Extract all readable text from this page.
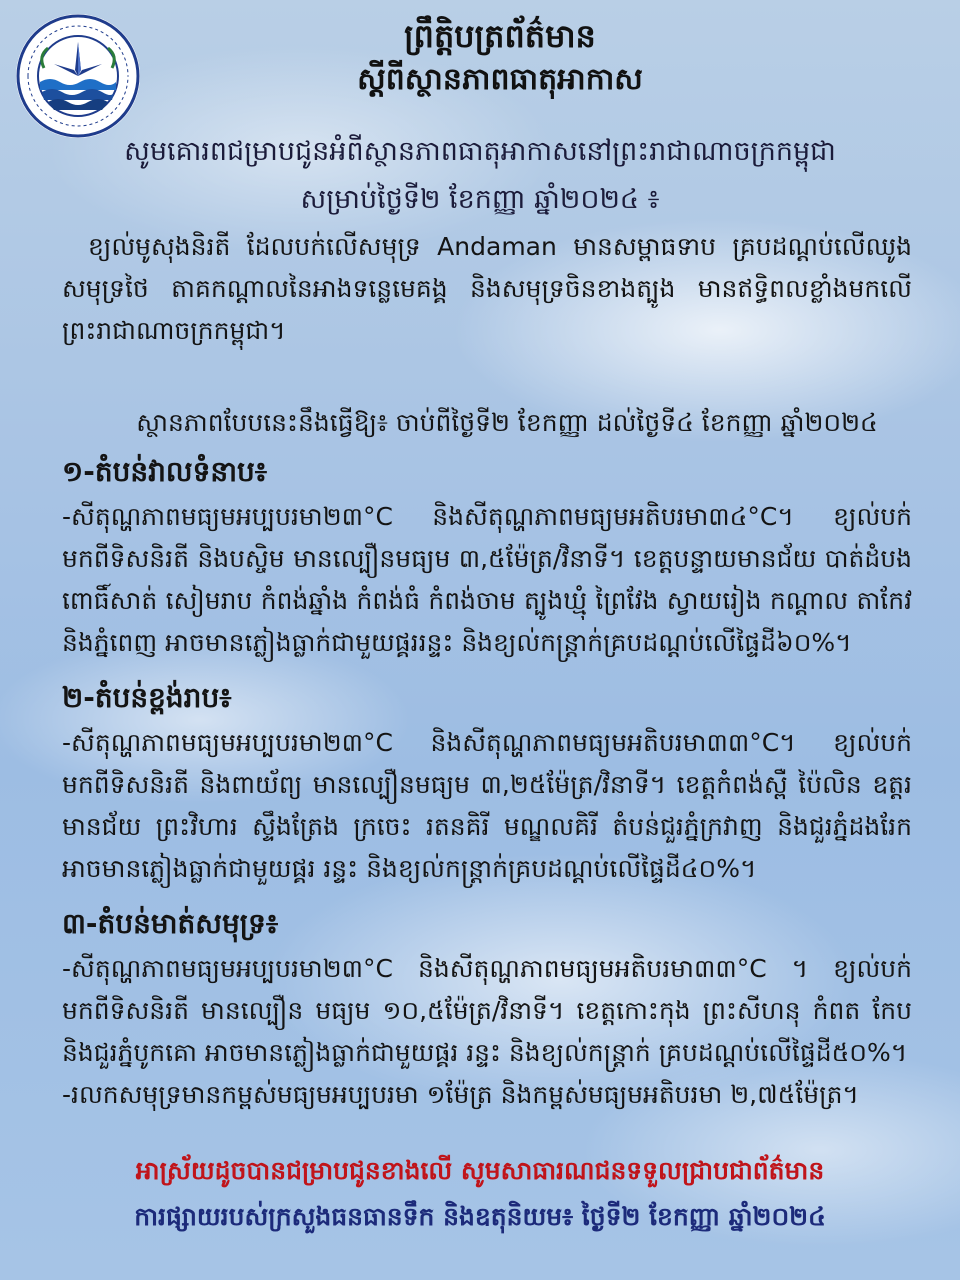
ព្រឹត្តិបត្រព័ត៌មាន
ស្តីពីស្ថានភាពធាតុអាកាស
សូមគោរពជម្រាបជូនអំពីស្ថានភាពធាតុអាកាសនៅព្រះរាជាណាចក្រកម្ពុជា
សម្រាប់ថ្ងៃទី២ ខែកញ្ញា ឆ្នាំ២០២៤ ៖

ខ្យល់មូសុងនិរតី ដែលបក់លើសមុទ្រ Andaman មានសម្ពាធទាប គ្របដណ្ដប់លើឈូងសមុទ្រថៃ តាគកណ្ដាលនៃអាងទន្លេមេគង្គ និងសមុទ្រចិនខាងត្បូង មានឥទ្ធិពលខ្លាំងមកលើព្រះរាជាណាចក្រកម្ពុជា។

ស្ថានភាពបែបនេះនឹងធ្វើឱ្យ៖ ចាប់ពីថ្ងៃទី២ ខែកញ្ញា ដល់ថ្ងៃទី៤ ខែកញ្ញា ឆ្នាំ២០២៤

១-តំបន់វាលទំនាប៖

-សីតុណ្ហភាពមធ្យមអប្បបរមា២៣°C និងសីតុណ្ហភាពមធ្យមអតិបរមា៣៤°C។ ខ្យល់បក់មកពីទិសនិរតី និងបស្ចិម មានល្បឿនមធ្យម ៣,៥ម៉ែត្រ/វិនាទី។ ខេត្តបន្ទាយមានជ័យ បាត់ដំបង ពោធិ៍សាត់ សៀមរាប កំពង់ឆ្នាំង កំពង់ធំ កំពង់ចាម ត្បូងឃ្មុំ ព្រៃវែង ស្វាយរៀង កណ្ដាល តាកែវ និងភ្នំពេញ អាចមានភ្លៀងធ្លាក់ជាមួយផ្គររន្ទះ និងខ្យល់កន្ត្រាក់គ្របដណ្ដប់លើផ្ទៃដី៦០%។

២-តំបន់ខ្ពង់រាប៖

-សីតុណ្ហភាពមធ្យមអប្បបរមា២៣°C និងសីតុណ្ហភាពមធ្យមអតិបរមា៣៣°C។ ខ្យល់បក់មកពីទិសនិរតី និងពាយ័ព្យ មានល្បឿនមធ្យម ៣,២៥ម៉ែត្រ/វិនាទី។ ខេត្តកំពង់ស្ពឺ ប៉ៃលិន ឧត្តរមានជ័យ ព្រះវិហារ ស្ទឹងត្រែង ក្រចេះ រតនគិរី មណ្ឌលគិរី តំបន់ជួរភ្នំក្រវាញ និងជួរភ្នំដងរែក អាចមានភ្លៀងធ្លាក់ជាមួយផ្គរ រន្ទះ និងខ្យល់កន្ត្រាក់គ្របដណ្ដប់លើផ្ទៃដី៤០%។

៣-តំបន់មាត់សមុទ្រ៖

-សីតុណ្ហភាពមធ្យមអប្បបរមា២៣°C និងសីតុណ្ហភាពមធ្យមអតិបរមា៣៣°C ។ ខ្យល់បក់មកពីទិសនិរតី មានល្បឿន មធ្យម ១០,៥ម៉ែត្រ/វិនាទី។ ខេត្តកោះកុង ព្រះសីហនុ កំពត កែប និងជួរភ្នំបូកគោ អាចមានភ្លៀងធ្លាក់ជាមួយផ្គរ រន្ទះ និងខ្យល់កន្ត្រាក់ គ្របដណ្ដប់លើផ្ទៃដី៥០%។

-រលកសមុទ្រមានកម្ពស់មធ្យមអប្បបរមា ១ម៉ែត្រ និងកម្ពស់មធ្យមអតិបរមា ២,៧៥ម៉ែត្រ។

អាស្រ័យដូចបានជម្រាបជូនខាងលើ សូមសាធារណជនទទួលជ្រាបជាព័ត៌មាន
ការផ្សាយរបស់ក្រសួងធនធានទឹក និងឧតុនិយម៖ ថ្ងៃទី២ ខែកញ្ញា ឆ្នាំ២០២៤
